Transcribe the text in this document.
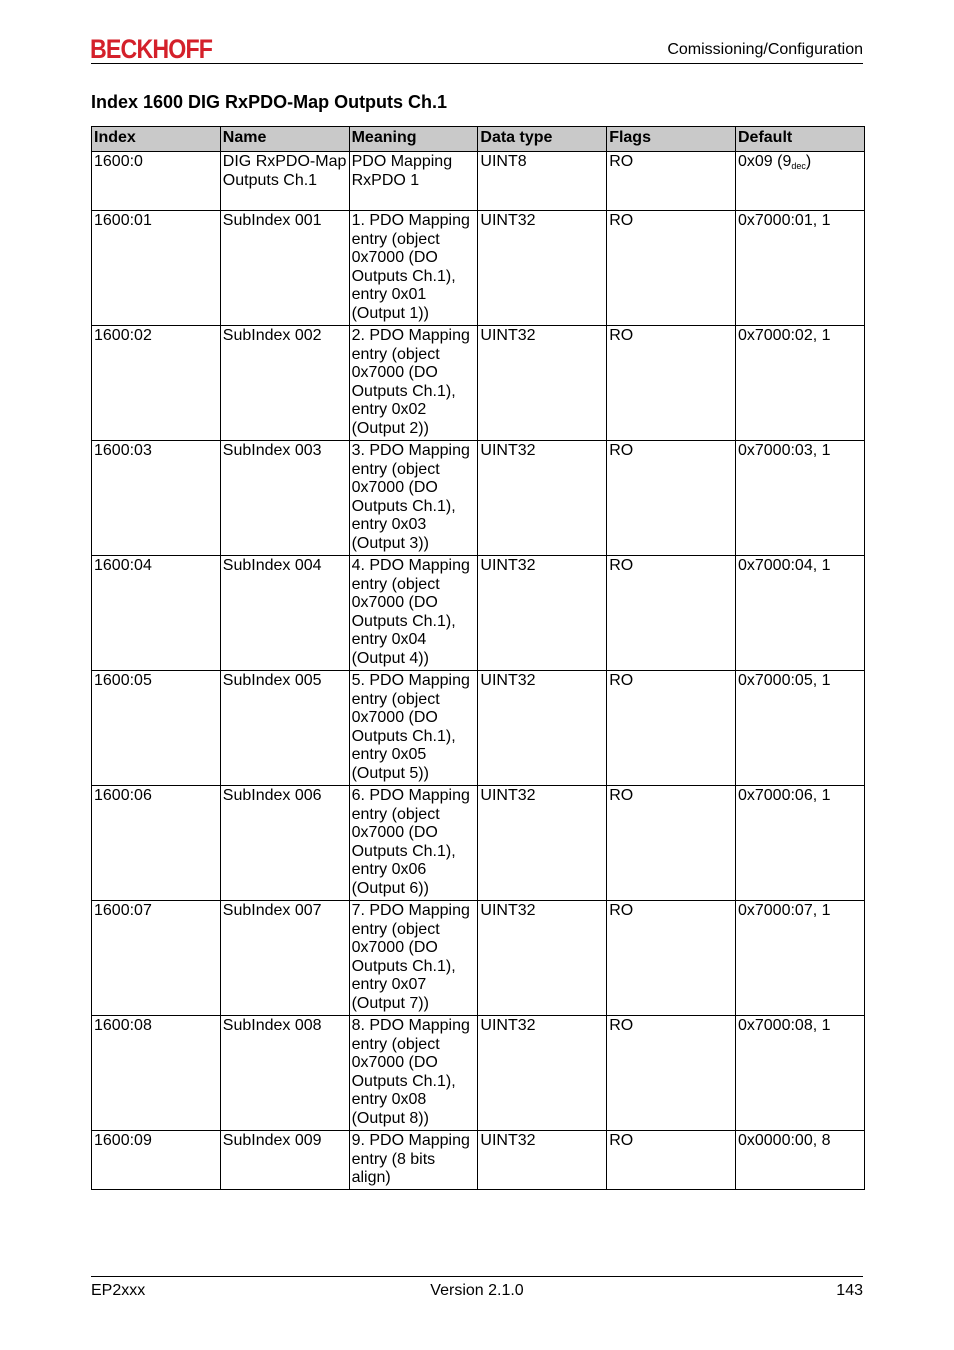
BECKHOFF	Comissioning/Configuration
Index 1600 DIG RxPDO-Map Outputs Ch.1
Index	Name	Meaning	Data type	Flags	Default
1600:0	DIG RxPDO-Map Outputs Ch.1	PDO Mapping RxPDO 1	UINT8	RO	0x09 $(9_{dec})$
1600:01	SubIndex 001	1. PDO Mapping entry (object 0x7000 (DO Outputs Ch.1), entry 0x01 (Output 1))	UINT32	RO	0x7000:01, 1
1600:02	SubIndex 002	2. PDO Mapping entry (object 0x7000 (DO Outputs Ch.1), entry 0x02 (Output 2))	UINT32	RO	0x7000:02, 1
1600:03	SubIndex 003	3. PDO Mapping entry (object 0x7000 (DO Outputs Ch.1), entry 0x03 (Output 3))	UINT32	RO	0x7000:03, 1
1600:04	SubIndex 004	4. PDO Mapping entry (object 0x7000 (DO Outputs Ch.1), entry 0x04 (Output 4))	UINT32	RO	0x7000:04, 1
1600:05	SubIndex 005	5. PDO Mapping entry (object 0x7000 (DO Outputs Ch.1), entry 0x05 (Output 5))	UINT32	RO	0x7000:05, 1
1600:06	SubIndex 006	6. PDO Mapping entry (object 0x7000 (DO Outputs Ch.1), entry 0x06 (Output 6))	UINT32	RO	0x7000:06, 1
1600:07	SubIndex 007	7. PDO Mapping entry (object 0x7000 (DO Outputs Ch.1), entry 0x07 (Output 7))	UINT32	RO	0x7000:07, 1
1600:08	SubIndex 008	8. PDO Mapping entry (object 0x7000 (DO Outputs Ch.1), entry 0x08 (Output 8))	UINT32	RO	0x7000:08, 1
1600:09	SubIndex 009	9. PDO Mapping entry (8 bits align)	UINT32	RO	0x0000:00, 8
EP2xxx	Version 2.1.0	143
